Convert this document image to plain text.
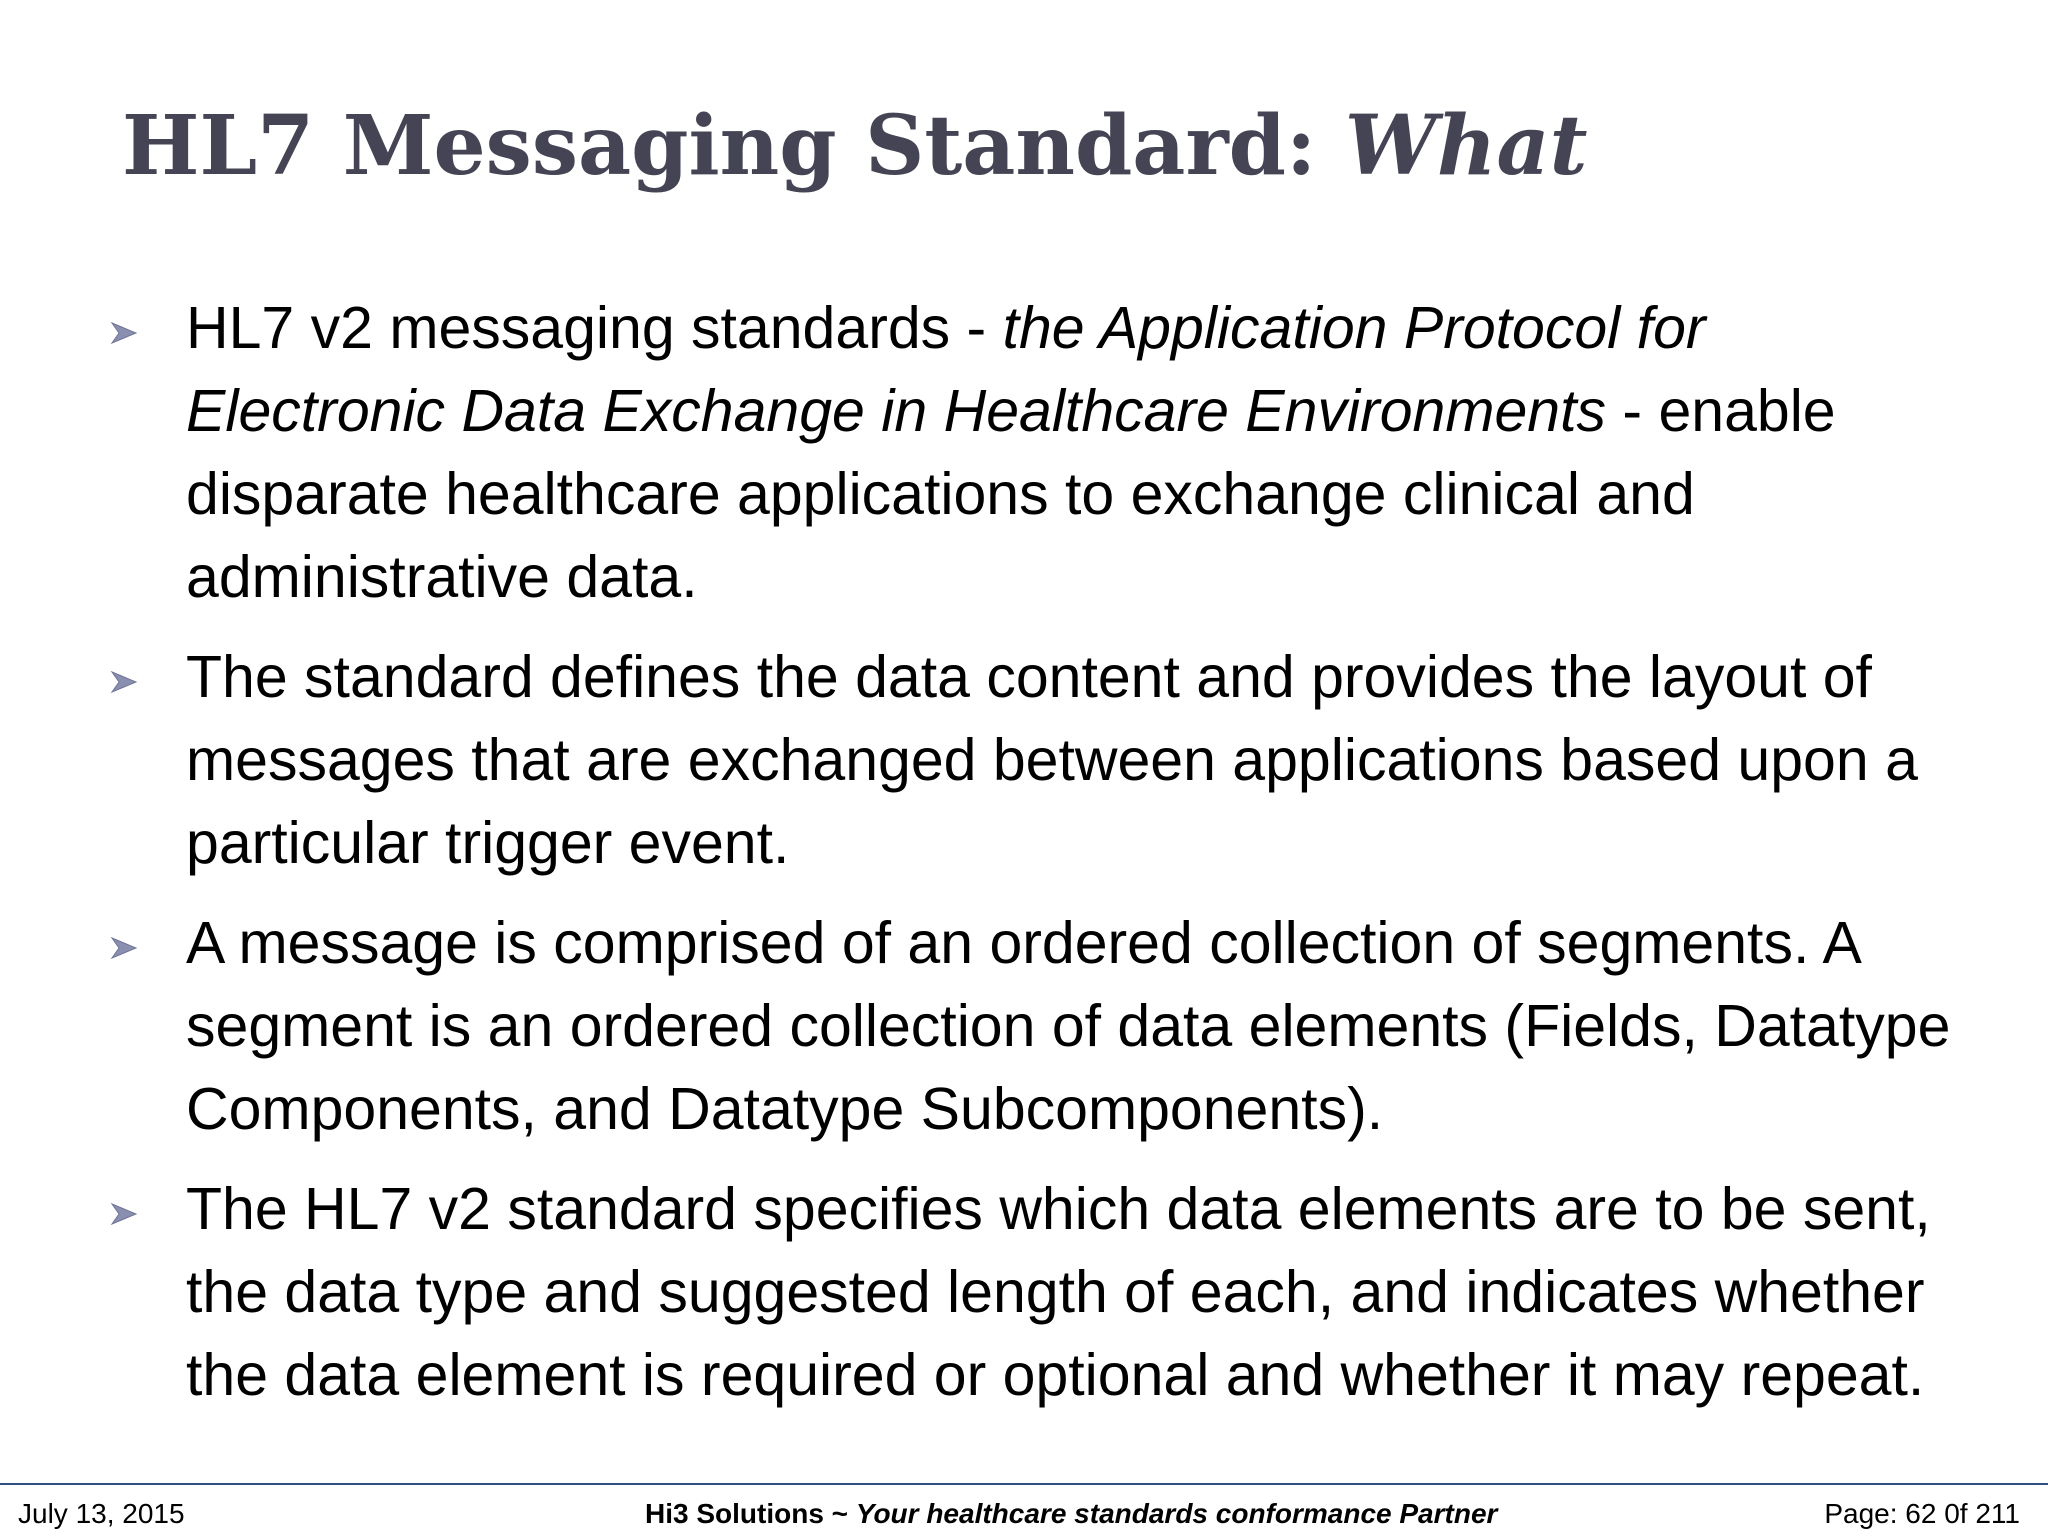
HL7 Messaging Standard: What
HL7 v2 messaging standards - the Application Protocol for Electronic Data Exchange in Healthcare Environments - enable disparate healthcare applications to exchange clinical and administrative data.
The standard defines the data content and provides the layout of messages that are exchanged between applications based upon a particular trigger event.
A message is comprised of an ordered collection of segments. A segment is an ordered collection of data elements (Fields, Datatype Components, and Datatype Subcomponents).
The HL7 v2 standard specifies which data elements are to be sent, the data type and suggested length of each, and indicates whether the data element is required or optional and whether it may repeat.
July 13, 2015	Hi3 Solutions ~ Your healthcare standards conformance Partner	Page: 62 0f 211
